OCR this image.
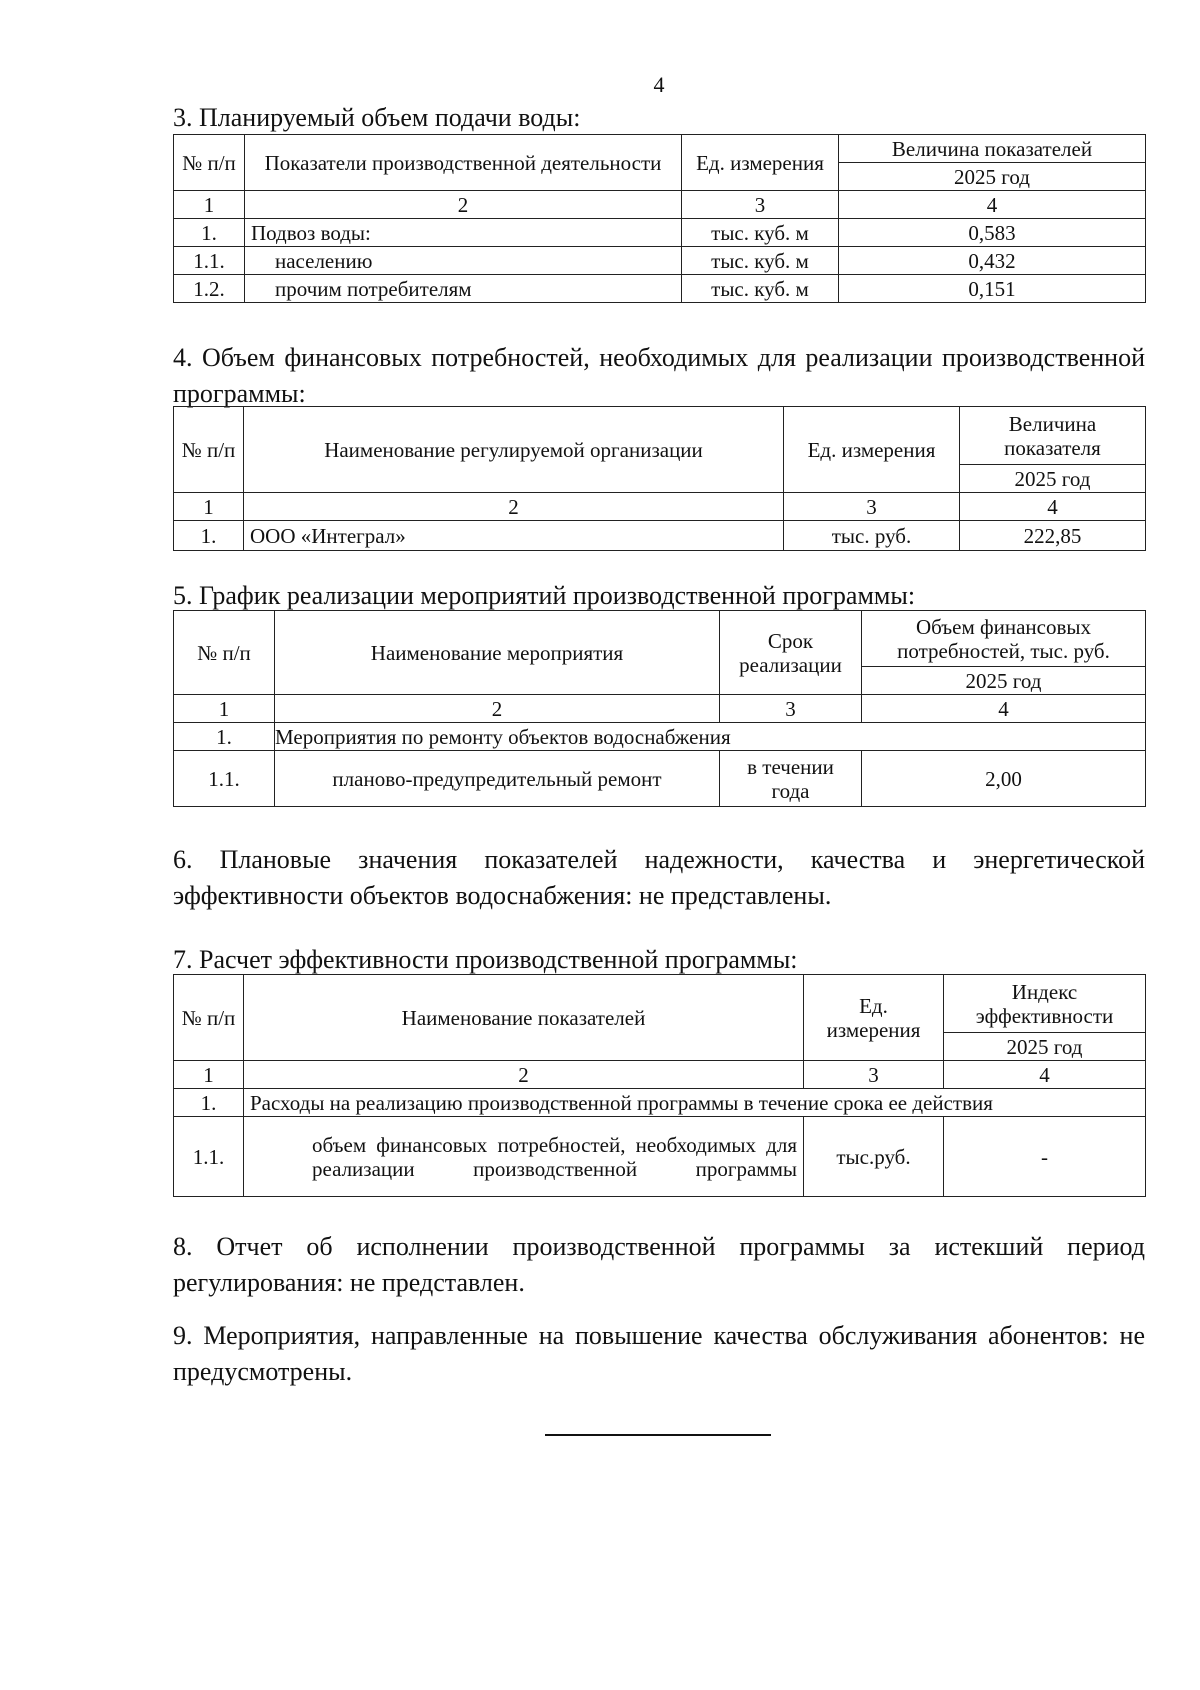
4
3. Планируемый объем подачи воды:
№ п/п	Показатели производственной деятельности	Ед. измерения	Величина показателей
			2025 год
1	2	3	4
1.	Подвоз воды:	тыс. куб. м	0,583
1.1.	населению	тыс. куб. м	0,432
1.2.	прочим потребителям	тыс. куб. м	0,151
4. Объем финансовых потребностей, необходимых для реализации производственной программы:
№ п/п	Наименование регулируемой организации	Ед. измерения	Величина показателя
			2025 год
1	2	3	4
1.	ООО «Интеграл»	тыс. руб.	222,85
5. График реализации мероприятий производственной программы:
№ п/п	Наименование мероприятия	Срок реализации	Объем финансовых потребностей, тыс. руб.
			2025 год
1	2	3	4
1.	Мероприятия по ремонту объектов водоснабжения		
1.1.	планово-предупредительный ремонт	в течении года	2,00
6. Плановые значения показателей надежности, качества и энергетической эффективности объектов водоснабжения: не представлены.
7. Расчет эффективности производственной программы:
№ п/п	Наименование показателей	Ед. измерения	Индекс эффективности
			2025 год
1	2	3	4
1.	Расходы на реализацию производственной программы в течение срока ее действия		
1.1.	объем финансовых потребностей, необходимых для реализации производственной программы	тыс.руб.	-
8. Отчет об исполнении производственной программы за истекший период регулирования: не представлен.
9. Мероприятия, направленные на повышение качества обслуживания абонентов: не предусмотрены.
